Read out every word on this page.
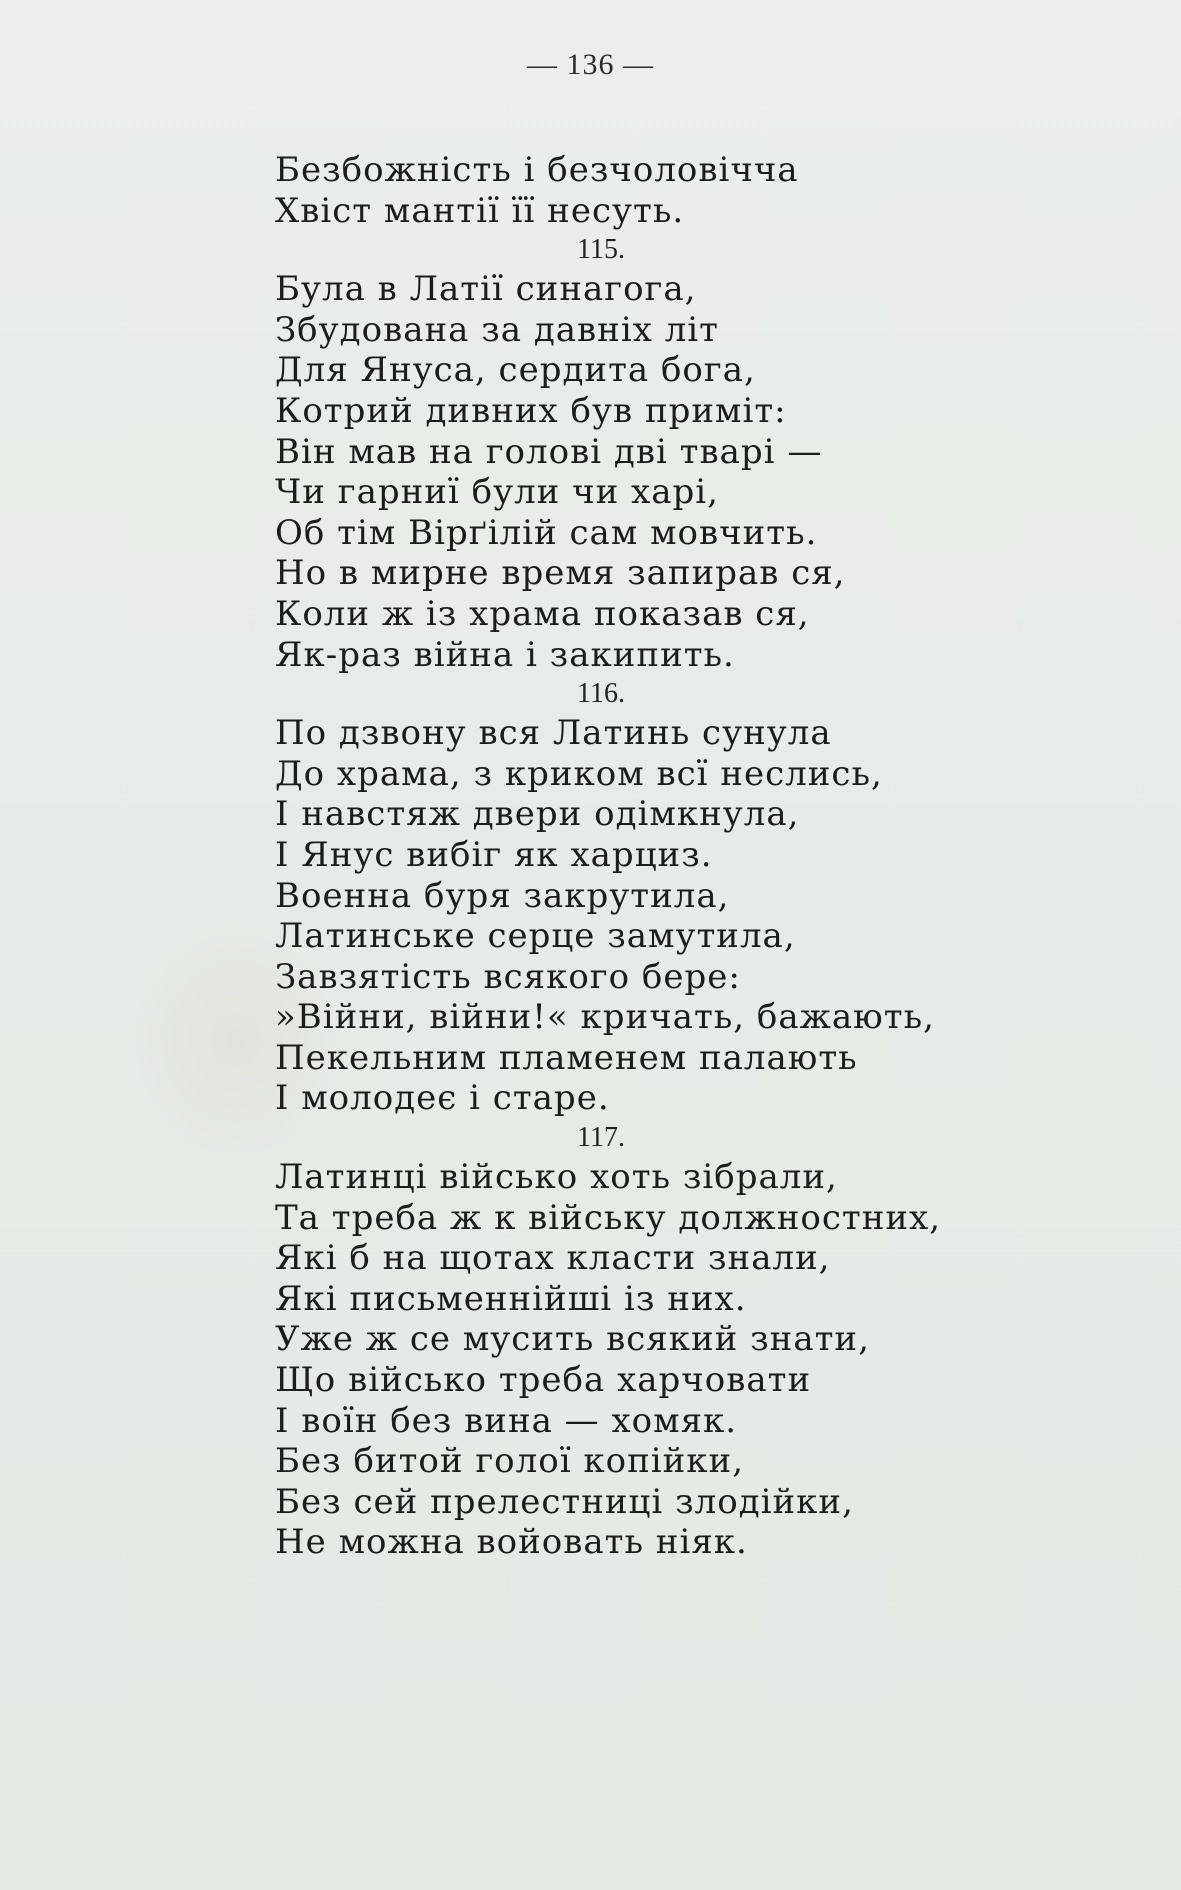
— 136 —
Безбожність і безчоловічча
Хвіст мантії її несуть.
115.
Була в Латії синагога,
Збудована за давніх літ
Для Януса, сердита бога,
Котрий дивних був приміт:
Він мав на голові дві тварі —
Чи гарниї були чи харі,
Об тім Вірґілій сам мовчить.
Но в мирне время запирав ся,
Коли ж із храма показав ся,
Як-раз війна і закипить.
116.
По дзвону вся Латинь сунула
До храма, з криком всї неслись,
І навстяж двери одімкнула,
І Янус вибіг як харциз.
Военна буря закрутила,
Латинське серце замутила,
Завзятість всякого бере:
»Війни, війни!« кричать, бажають,
Пекельним пламенем палають
І молодеє і старе.
117.
Латинці військо хоть зібрали,
Та треба ж к війську должностних,
Які б на щотах класти знали,
Які письменнійші із них.
Уже ж се мусить всякий знати,
Що військо треба харчовати
І воїн без вина — хомяк.
Без битой голої копійки,
Без сей прелестниці злодійки,
Не можна войовать ніяк.
